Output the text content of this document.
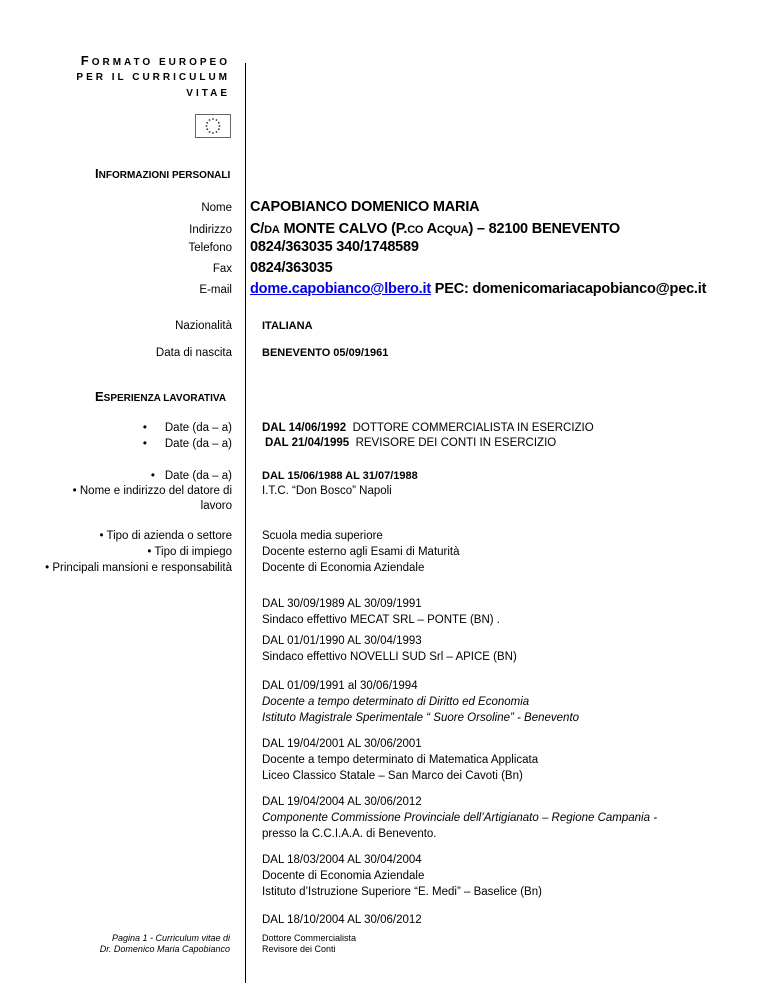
FORMATO EUROPEO
PER IL CURRICULUM
VITAE
INFORMAZIONI PERSONALI
Nome CAPOBIANCO DOMENICO MARIA
Indirizzo C/DA MONTE CALVO (P.CO ACQUA) – 82100 BENEVENTO
Telefono 0824/363035 340/1748589
Fax 0824/363035
E-mail dome.capobianco@lbero.it PEC: domenicomariacapobianco@pec.it
Nazionalità	ITALIANA
Data di nascita	BENEVENTO 05/09/1961
ESPERIENZA LAVORATIVA
• Date (da – a)
• Date (da – a)
DAL 14/06/1992 DOTTORE COMMERCIALISTA IN ESERCIZIO
DAL 21/04/1995 REVISORE DEI CONTI IN ESERCIZIO
• Date (da – a)
• Nome e indirizzo del datore di
lavoro
DAL 15/06/1988 AL 31/07/1988
I.T.C. “Don Bosco” Napoli
• Tipo di azienda o settore
• Tipo di impiego
• Principali mansioni e responsabilità
Scuola media superiore
Docente esterno agli Esami di Maturità
Docente di Economia Aziendale
DAL 30/09/1989 AL 30/09/1991
Sindaco effettivo MECAT SRL – PONTE (BN) .
DAL 01/01/1990 AL 30/04/1993
Sindaco effettivo NOVELLI SUD Srl – APICE (BN)
DAL 01/09/1991 al 30/06/1994
Docente a tempo determinato di Diritto ed Economia
Istituto Magistrale Sperimentale “ Suore Orsoline” - Benevento
DAL 19/04/2001 AL 30/06/2001
Docente a tempo determinato di Matematica Applicata
Liceo Classico Statale – San Marco dei Cavoti (Bn)
DAL 19/04/2004 AL 30/06/2012
Componente Commissione Provinciale dell’Artigianato – Regione Campania -
presso la C.C.I.A.A. di Benevento.
DAL 18/03/2004 AL 30/04/2004
Docente di Economia Aziendale
Istituto d’Istruzione Superiore “E. Medi” – Baselice (Bn)
DAL 18/10/2004 AL 30/06/2012
Pagina 1 - Curriculum vitae di
Dr. Domenico Maria Capobianco
Dottore Commercialista
Revisore dei Conti
